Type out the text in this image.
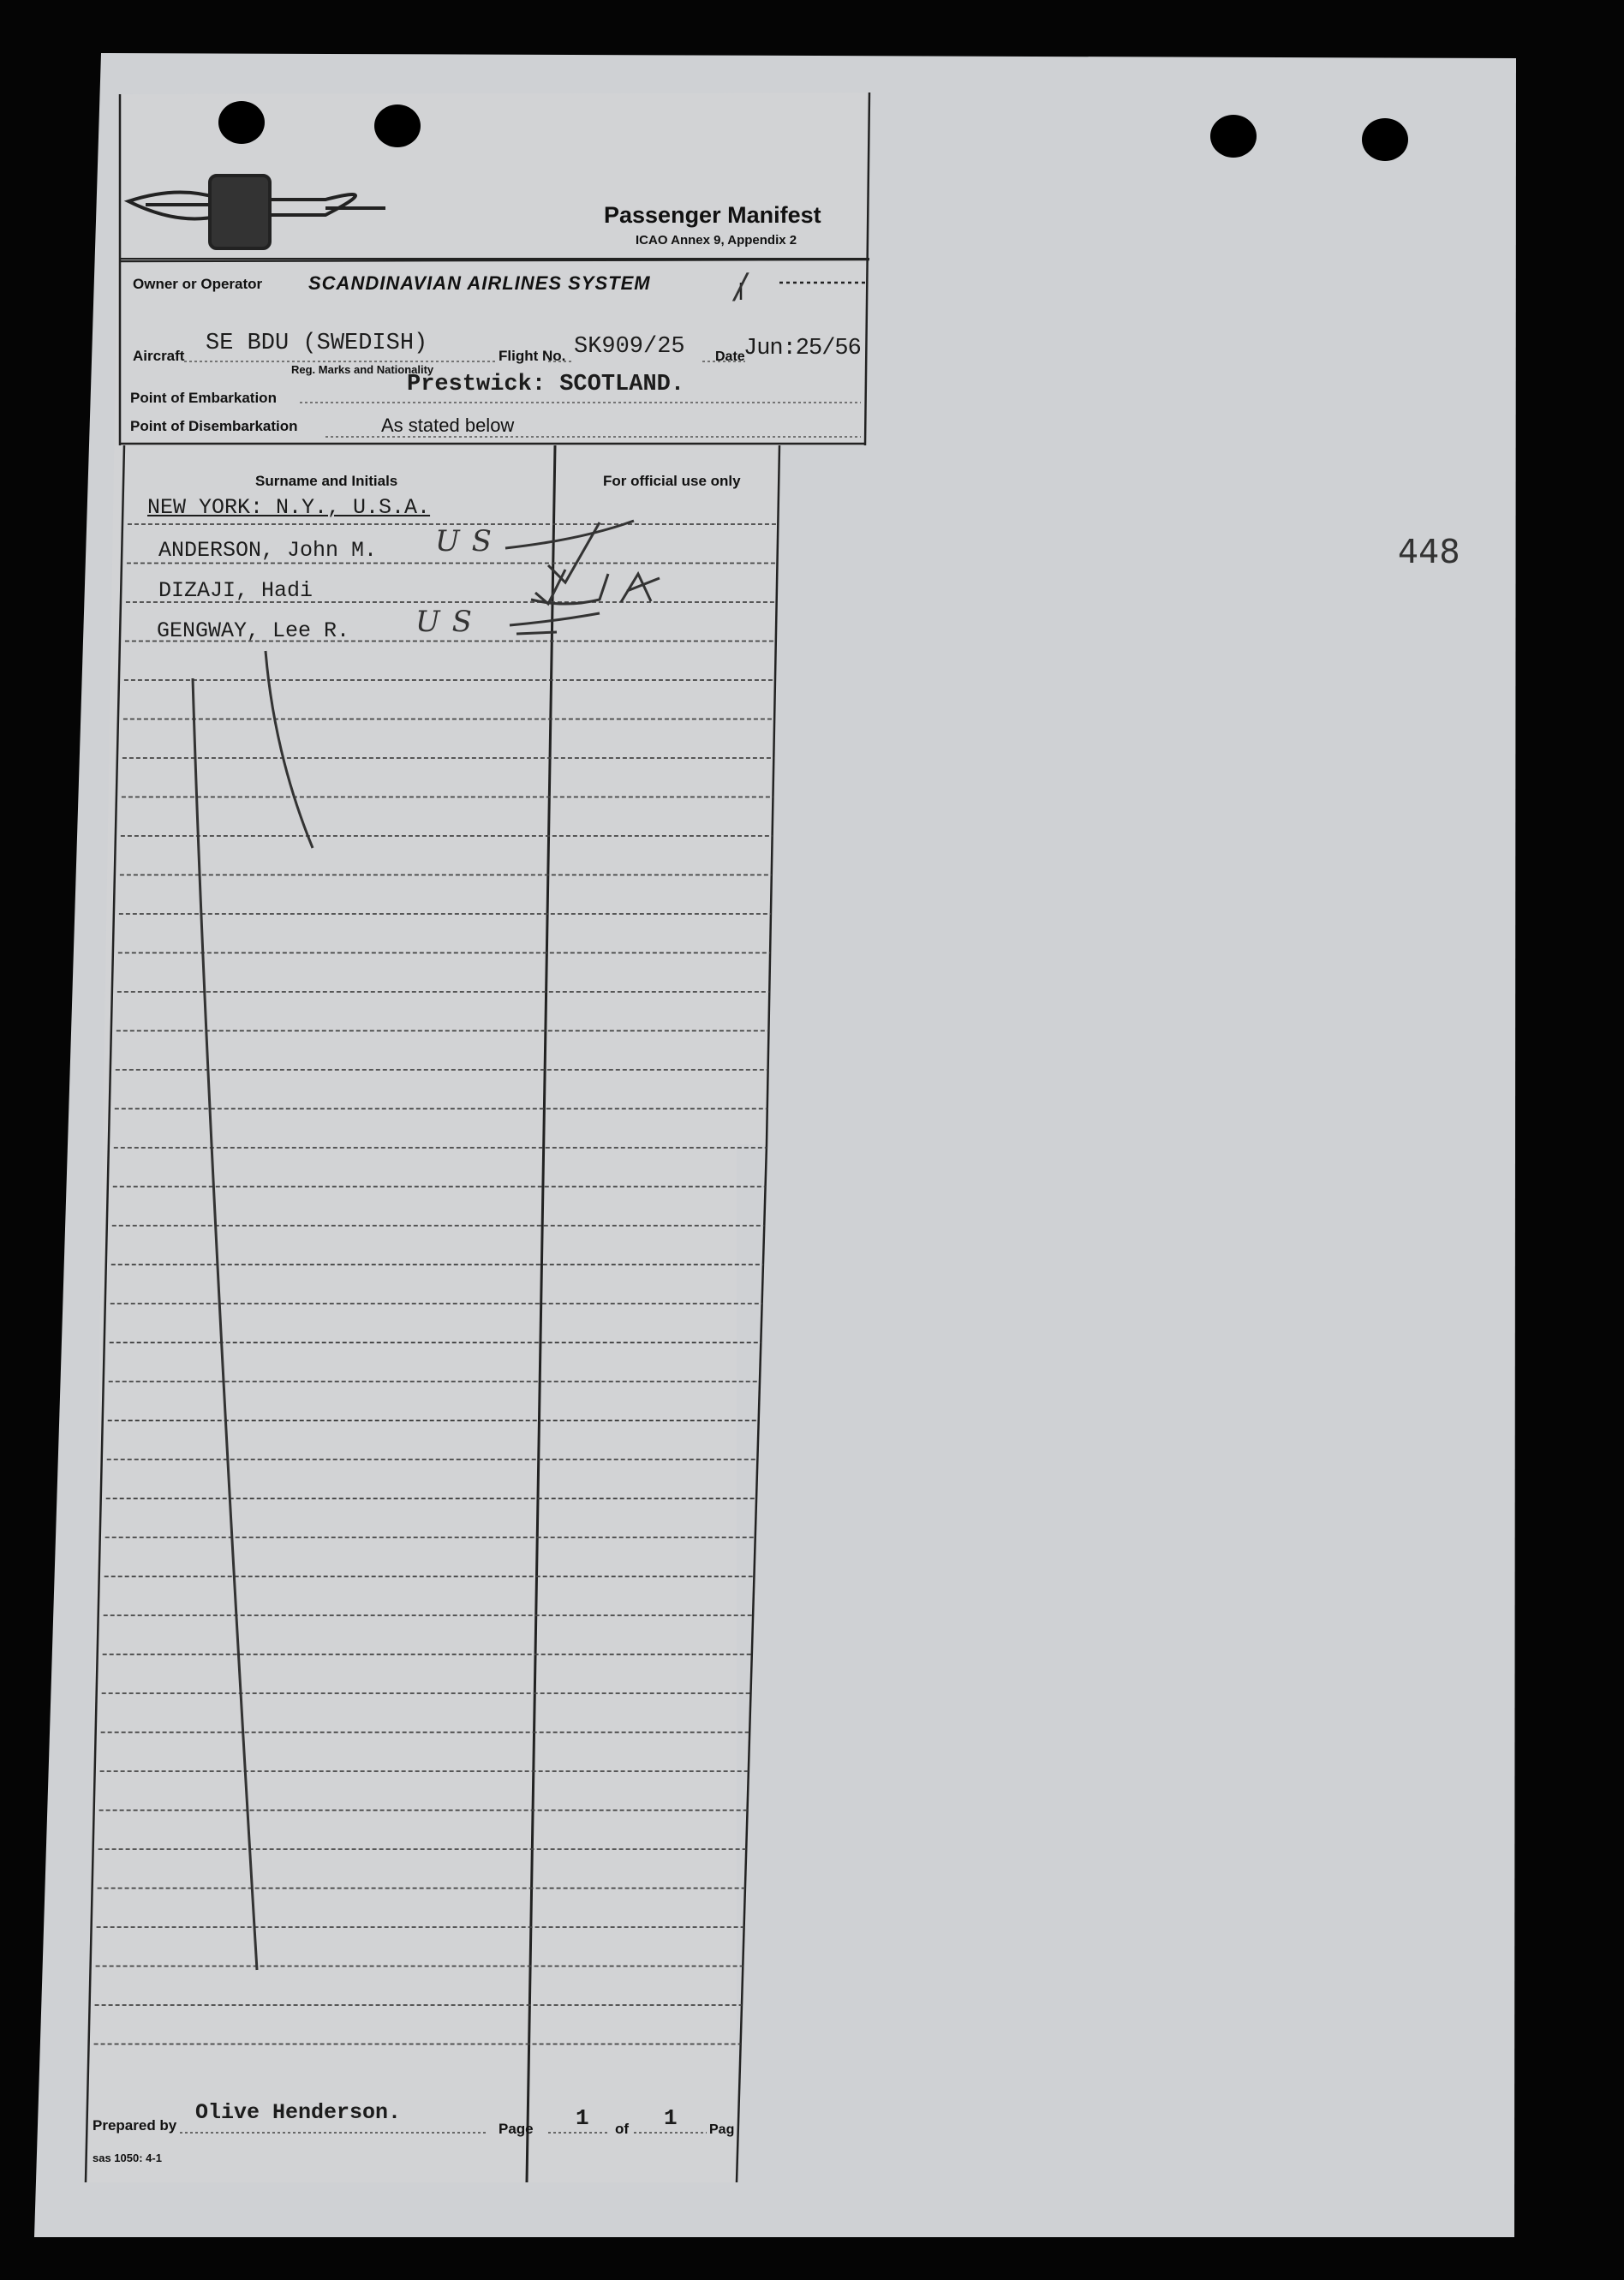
Passenger Manifest
ICAO Annex 9, Appendix 2
Owner or Operator SCANDINAVIAN AIRLINES SYSTEM /
Aircraft SE BDU (SWEDISH)
Reg. Marks and Nationality
Flight No. SK909/25 Date
Jun:25/56
Point of Embarkation
Prestwick: SCOTLAND.
Point of Disembarkation	As stated below
Surname and Initials	For official use only
NEW YORK: N.Y., U.S.A.
ANDERSON, John M. US
DIZAJI, Hadi
GENGWAY, Lee R. US
448
Prepared by
Olive Henderson.
Page 1 of 1 Pag
sas 1050: 4-1
